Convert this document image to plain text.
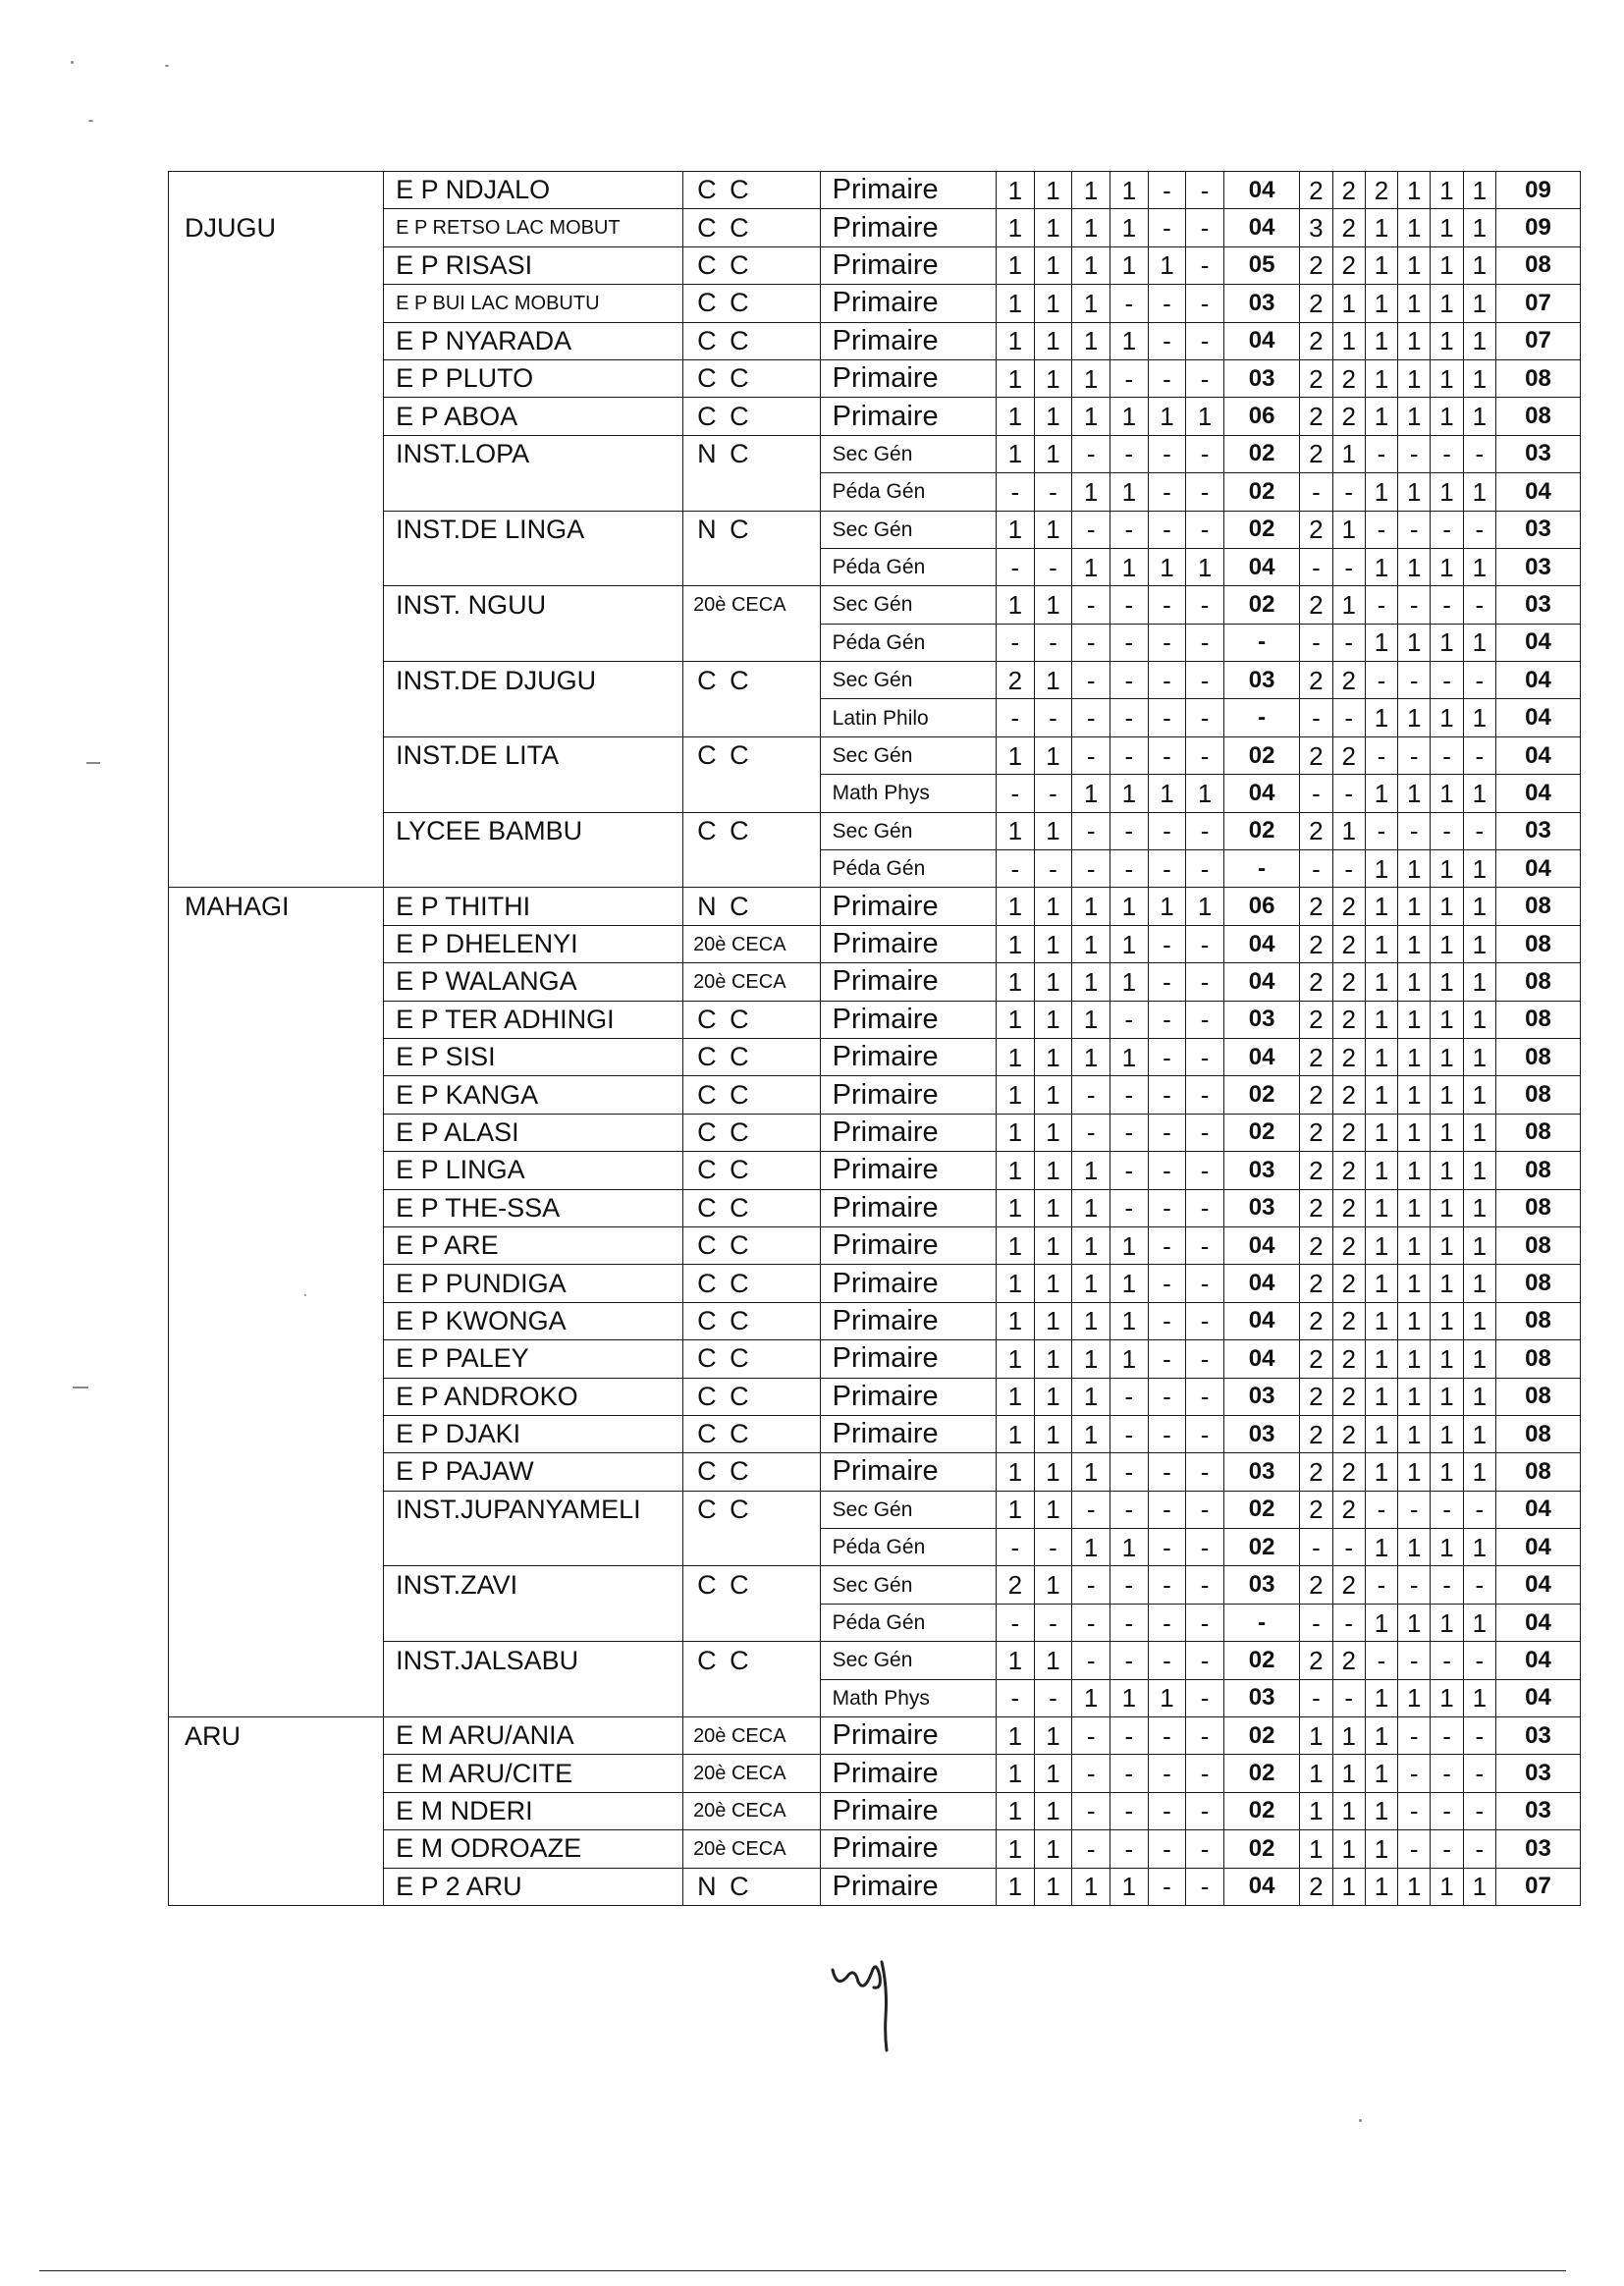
	E P NDJALO	C C	Primaire	1	1	1	1	-	-	04	2	2	2	1	1	1	09
DJUGU	E P RETSO LAC MOBUT	C C	Primaire	1	1	1	1	-	-	04	3	2	1	1	1	1	09
	E P RISASI	C C	Primaire	1	1	1	1	1	-	05	2	2	1	1	1	1	08
	E P BUI LAC MOBUTU	C C	Primaire	1	1	1	-	-	-	03	2	1	1	1	1	1	07
	E P NYARADA	C C	Primaire	1	1	1	1	-	-	04	2	1	1	1	1	1	07
	E P PLUTO	C C	Primaire	1	1	1	-	-	-	03	2	2	1	1	1	1	08
	E P ABOA	C C	Primaire	1	1	1	1	1	1	06	2	2	1	1	1	1	08
	INST.LOPA	N C	Sec Gén	1	1	-	-	-	-	02	2	1	-	-	-	-	03
			Péda Gén	-	-	1	1	-	-	02	-	-	1	1	1	1	04
	INST.DE LINGA	N C	Sec Gén	1	1	-	-	-	-	02	2	1	-	-	-	-	03
			Péda Gén	-	-	1	1	1	1	04	-	-	1	1	1	1	03
	INST. NGUU	20è CECA	Sec Gén	1	1	-	-	-	-	02	2	1	-	-	-	-	03
			Péda Gén	-	-	-	-	-	-	-	-	-	1	1	1	1	04
	INST.DE DJUGU	C C	Sec Gén	2	1	-	-	-	-	03	2	2	-	-	-	-	04
			Latin Philo	-	-	-	-	-	-	-	-	-	1	1	1	1	04
	INST.DE LITA	C C	Sec Gén	1	1	-	-	-	-	02	2	2	-	-	-	-	04
			Math Phys	-	-	1	1	1	1	04	-	-	1	1	1	1	04
	LYCEE BAMBU	C C	Sec Gén	1	1	-	-	-	-	02	2	1	-	-	-	-	03
			Péda Gén	-	-	-	-	-	-	-	-	-	1	1	1	1	04
MAHAGI	E P THITHI	N C	Primaire	1	1	1	1	1	1	06	2	2	1	1	1	1	08
	E P DHELENYI	20è CECA	Primaire	1	1	1	1	-	-	04	2	2	1	1	1	1	08
	E P WALANGA	20è CECA	Primaire	1	1	1	1	-	-	04	2	2	1	1	1	1	08
	E P TER ADHINGI	C C	Primaire	1	1	1	-	-	-	03	2	2	1	1	1	1	08
	E P SISI	C C	Primaire	1	1	1	1	-	-	04	2	2	1	1	1	1	08
	E P KANGA	C C	Primaire	1	1	-	-	-	-	02	2	2	1	1	1	1	08
	E P ALASI	C C	Primaire	1	1	-	-	-	-	02	2	2	1	1	1	1	08
	E P LINGA	C C	Primaire	1	1	1	-	-	-	03	2	2	1	1	1	1	08
	E P THE-SSA	C C	Primaire	1	1	1	-	-	-	03	2	2	1	1	1	1	08
	E P ARE	C C	Primaire	1	1	1	1	-	-	04	2	2	1	1	1	1	08
	E P PUNDIGA	C C	Primaire	1	1	1	1	-	-	04	2	2	1	1	1	1	08
	E P KWONGA	C C	Primaire	1	1	1	1	-	-	04	2	2	1	1	1	1	08
	E P PALEY	C C	Primaire	1	1	1	1	-	-	04	2	2	1	1	1	1	08
	E P ANDROKO	C C	Primaire	1	1	1	-	-	-	03	2	2	1	1	1	1	08
	E P DJAKI	C C	Primaire	1	1	1	-	-	-	03	2	2	1	1	1	1	08
	E P PAJAW	C C	Primaire	1	1	1	-	-	-	03	2	2	1	1	1	1	08
	INST.JUPANYAMELI	C C	Sec Gén	1	1	-	-	-	-	02	2	2	-	-	-	-	04
			Péda Gén	-	-	1	1	-	-	02	-	-	1	1	1	1	04
	INST.ZAVI	C C	Sec Gén	2	1	-	-	-	-	03	2	2	-	-	-	-	04
			Péda Gén	-	-	-	-	-	-	-	-	-	1	1	1	1	04
	INST.JALSABU	C C	Sec Gén	1	1	-	-	-	-	02	2	2	-	-	-	-	04
			Math Phys	-	-	1	1	1	-	03	-	-	1	1	1	1	04
ARU	E M ARU/ANIA	20è CECA	Primaire	1	1	-	-	-	-	02	1	1	1	-	-	-	03
	E M ARU/CITE	20è CECA	Primaire	1	1	-	-	-	-	02	1	1	1	-	-	-	03
	E M NDERI	20è CECA	Primaire	1	1	-	-	-	-	02	1	1	1	-	-	-	03
	E M ODROAZE	20è CECA	Primaire	1	1	-	-	-	-	02	1	1	1	-	-	-	03
	E P 2 ARU	N C	Primaire	1	1	1	1	-	-	04	2	1	1	1	1	1	07
